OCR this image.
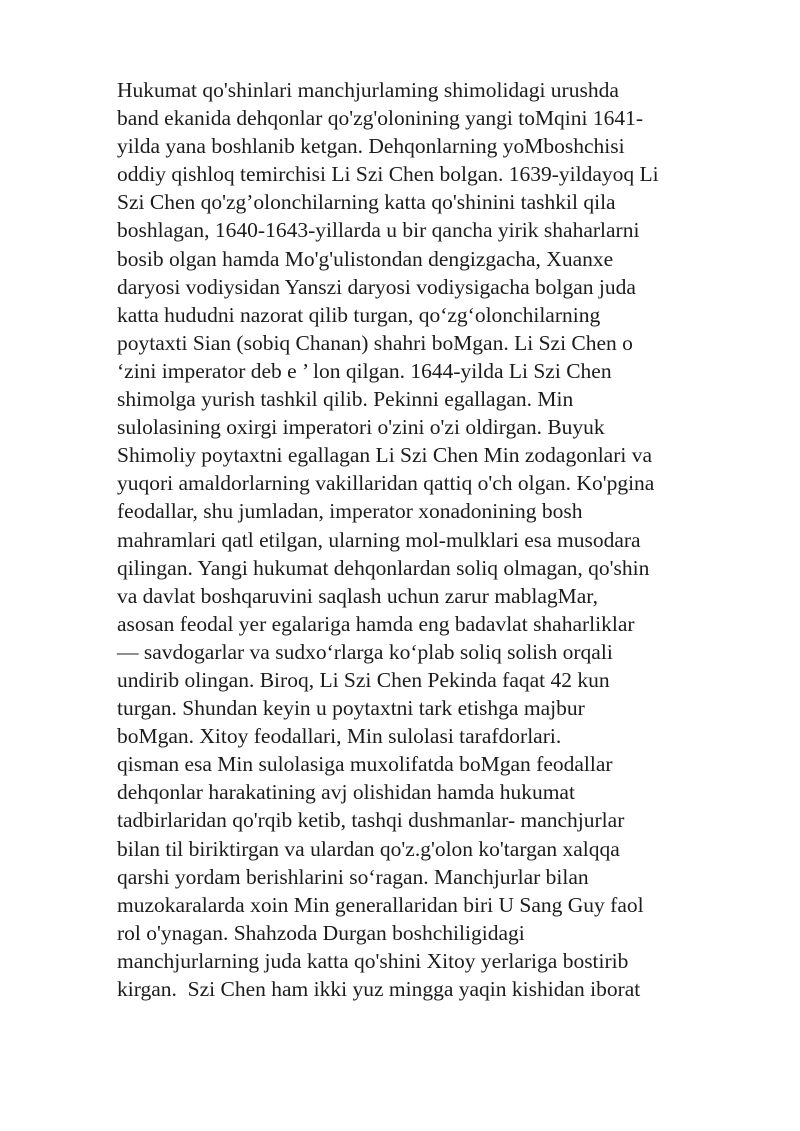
Hukumat qo'shinlari manchjurlaming shimolidagi urushda
band ekanida dehqonlar qo'zg'olonining yangi toMqini 1641-
yilda yana boshlanib ketgan. Dehqonlarning yoMboshchisi
oddiy qishloq temirchisi Li Szi Chen bolgan. 1639-yildayoq Li
Szi Chen qo'zg’olonchilarning katta qo'shinini tashkil qila
boshlagan, 1640-1643-yillarda u bir qancha yirik shaharlarni
bosib olgan hamda Mo'g'ulistondan dengizgacha, Xuanxe
daryosi vodiysidan Yanszi daryosi vodiysigacha bolgan juda
katta hududni nazorat qilib turgan, qo‘zg‘olonchilarning
poytaxti Sian (sobiq Chanan) shahri boMgan. Li Szi Chen o
‘zini imperator deb e ’ lon qilgan. 1644-yilda Li Szi Chen
shimolga yurish tashkil qilib. Pekinni egallagan. Min
sulolasining oxirgi imperatori o'zini o'zi oldirgan. Buyuk
Shimoliy poytaxtni egallagan Li Szi Chen Min zodagonlari va
yuqori amaldorlarning vakillaridan qattiq o'ch olgan. Ko'pgina
feodallar, shu jumladan, imperator xonadonining bosh
mahramlari qatl etilgan, ularning mol-mulklari esa musodara
qilingan. Yangi hukumat dehqonlardan soliq olmagan, qo'shin
va davlat boshqaruvini saqlash uchun zarur mablagMar,
asosan feodal yer egalariga hamda eng badavlat shaharliklar
— savdogarlar va sudxo‘rlarga ko‘plab soliq solish orqali
undirib olingan. Biroq, Li Szi Chen Pekinda faqat 42 kun
turgan. Shundan keyin u poytaxtni tark etishga majbur
boMgan. Xitoy feodallari, Min sulolasi tarafdorlari.
qisman esa Min sulolasiga muxolifatda boMgan feodallar
dehqonlar harakatining avj olishidan hamda hukumat
tadbirlaridan qo'rqib ketib, tashqi dushmanlar- manchjurlar
bilan til biriktirgan va ulardan qo'z.g'olon ko'targan xalqqa
qarshi yordam berishlarini so‘ragan. Manchjurlar bilan
muzokaralarda xoin Min generallaridan biri U Sang Guy faol
rol o'ynagan. Shahzoda Durgan boshchiligidagi
manchjurlarning juda katta qo'shini Xitoy yerlariga bostirib
kirgan.  Szi Chen ham ikki yuz mingga yaqin kishidan iborat
